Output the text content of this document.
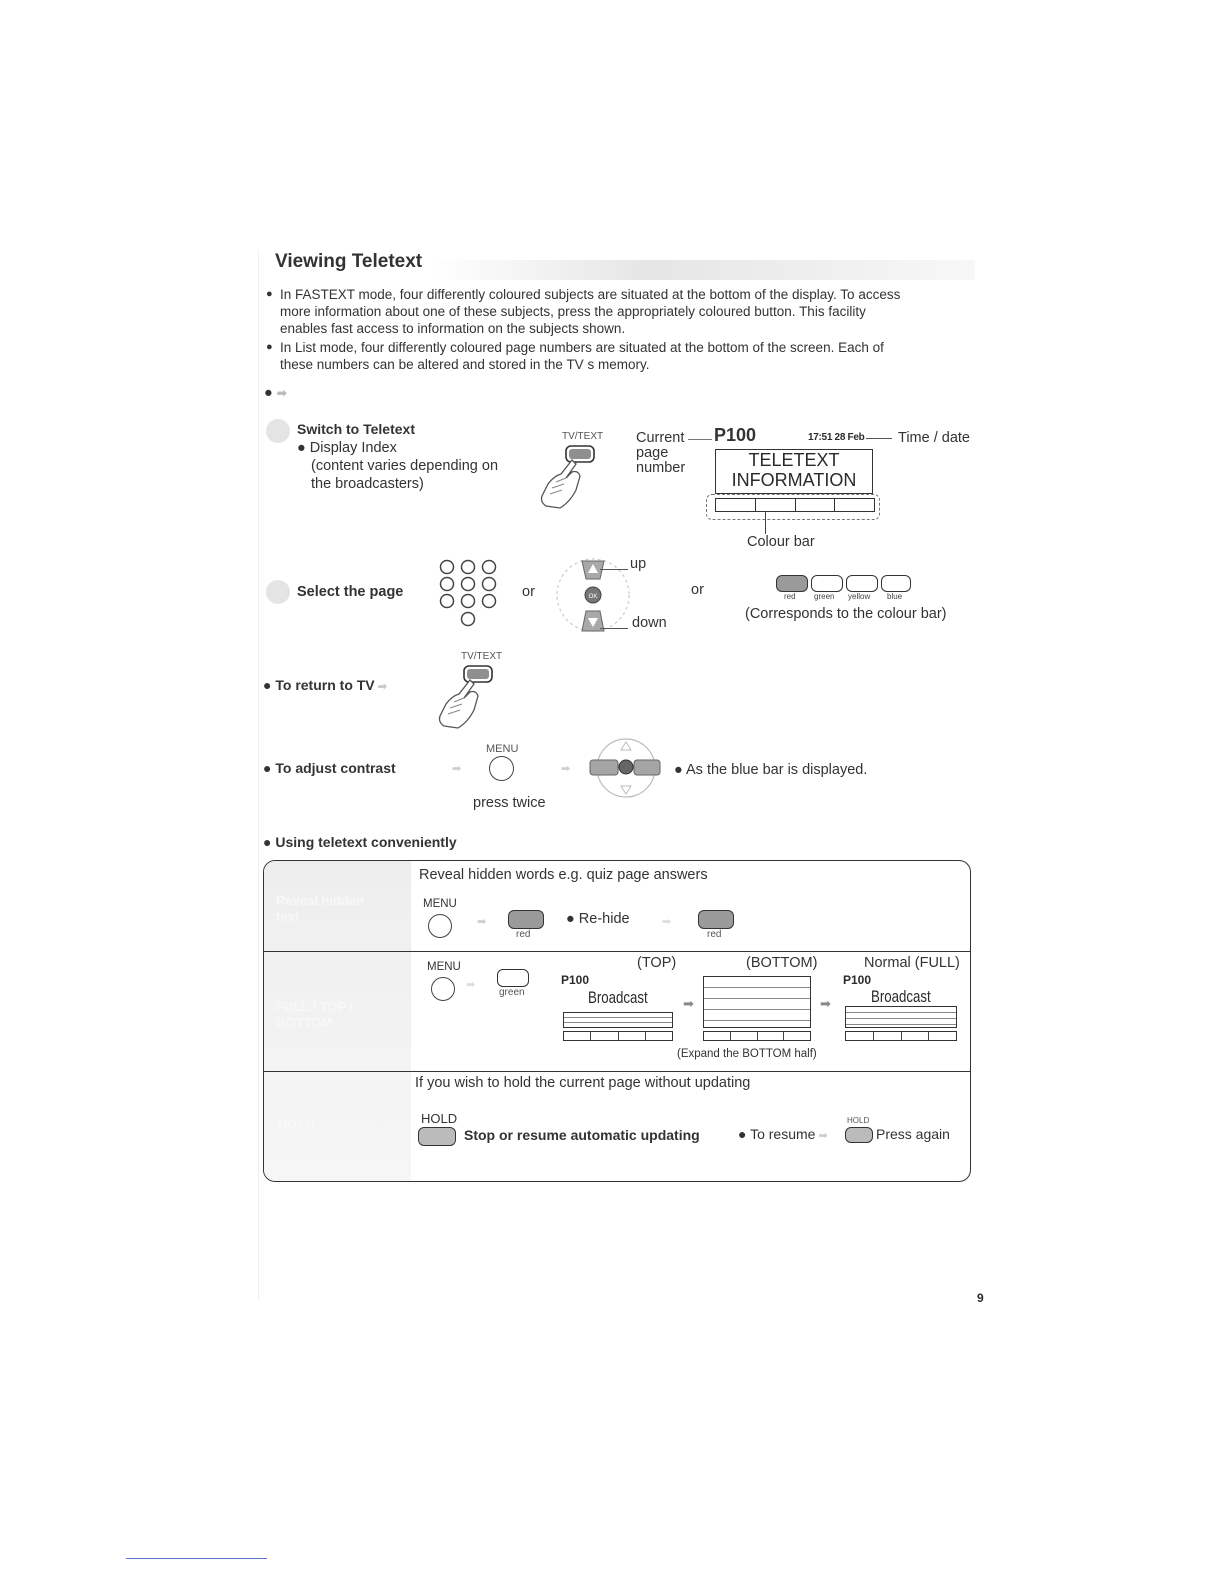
Viewing Teletext
● In FASTEXT mode, four differently coloured subjects are situated at the bottom of the display. To access
more information about one of these subjects, press the appropriately coloured button. This facility
enables fast access to information on the subjects shown.
● In List mode, four differently coloured page numbers are situated at the bottom of the screen. Each of
these numbers can be altered and stored in the TV s memory.
● ➡
Switch to Teletext
● Display Index
(content varies depending on
the broadcasters)
TV/TEXT Current
page
number
P100	17:51 28 Feb Time / date
TELETEXT
INFORMATION
Colour bar
Select the page	or	OK
up
down
or	red green yellow blue
(Corresponds to the colour bar)
● To return to TV ➡
TV/TEXT
● To adjust contrast	➡
MENU
➡	● As the blue bar is displayed.
press twice
● Using teletext conveniently
Reveal hidden
text
FULL / TOP /
BOTTOM
HOLD
Reveal hidden words e.g. quiz page answers
MENU
➡
red
● Re-hide	➡
red
MENU
➡
green
(TOP)	(BOTTOM)	Normal (FULL)
P100
Broadcast	➡	➡
(Expand the BOTTOM half)
P100
Broadcast
If you wish to hold the current page without updating
HOLD
Stop or resume automatic updating	● To resume ➡
HOLD
Press again
9
